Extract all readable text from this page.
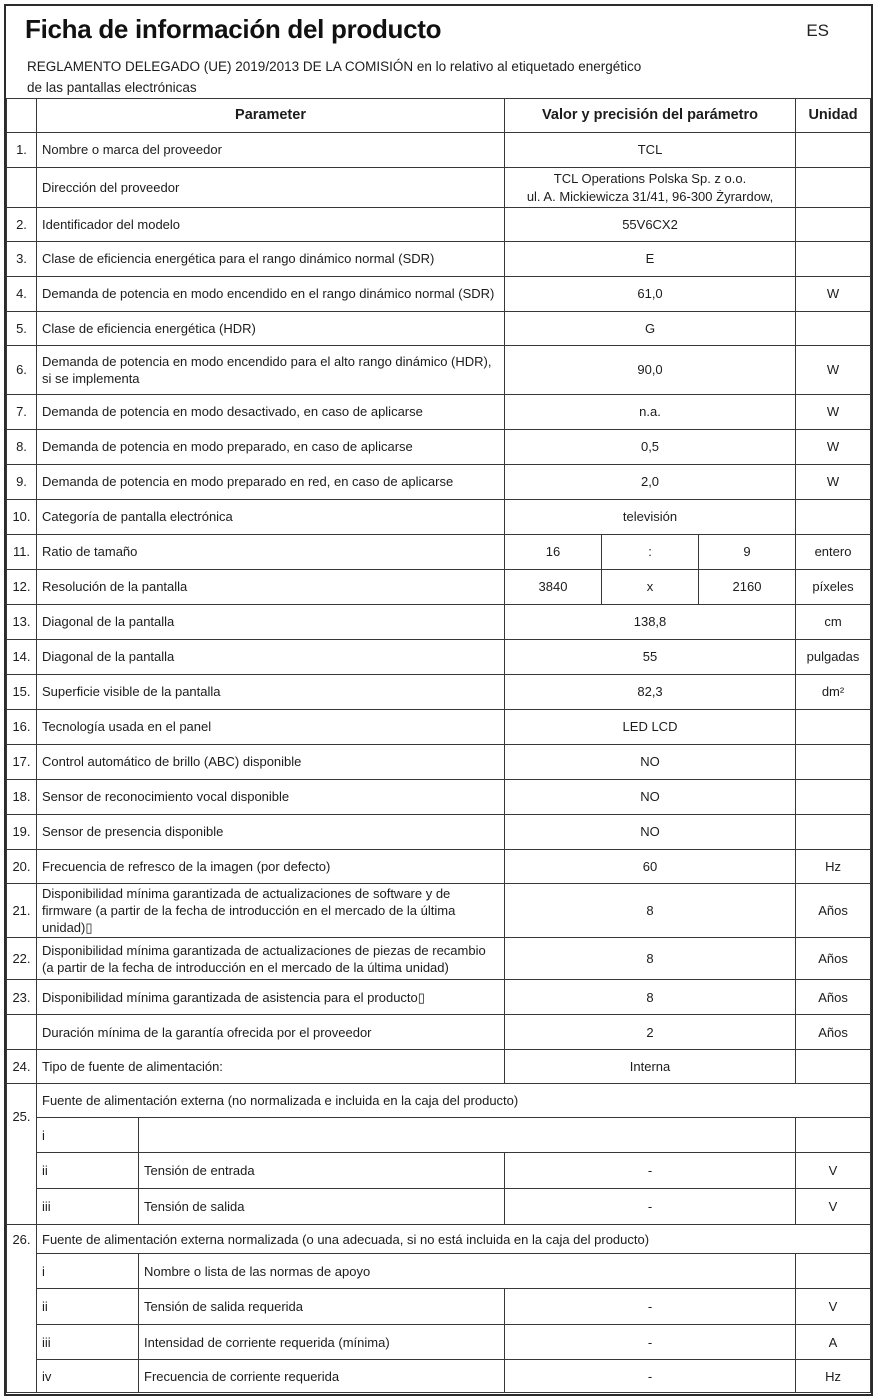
Ficha de información del producto	ES
REGLAMENTO DELEGADO (UE) 2019/2013 DE LA COMISIÓN en lo relativo al etiquetado energético
de las pantallas electrónicas
	Parameter		Valor y precisión del parámetro			Unidad
1.	Nombre o marca del proveedor		TCL			
	Dirección del proveedor		TCL Operations Polska Sp. z o.o.
ul. A. Mickiewicza 31/41, 96-300 Żyrardow,			

2.	Identificador del modelo		55V6CX2			
3.	Clase de eficiencia energética para el rango dinámico normal (SDR)		E			
4.	Demanda de potencia en modo encendido en el rango dinámico normal (SDR)		61,0			W
5.	Clase de eficiencia energética (HDR)		G			
6.	Demanda de potencia en modo encendido para el alto rango dinámico (HDR), si se implementa		90,0			W
7.	Demanda de potencia en modo desactivado, en caso de aplicarse		n.a.			W
8.	Demanda de potencia en modo preparado, en caso de aplicarse		0,5			W
9.	Demanda de potencia en modo preparado en red, en caso de aplicarse		2,0			W
10.	Categoría de pantalla electrónica		televisión			
11.	Ratio de tamaño		16	:	9	entero
12.	Resolución de la pantalla		3840	x	2160	píxeles
13.	Diagonal de la pantalla		138,8			cm
14.	Diagonal de la pantalla		55			pulgadas
15.	Superficie visible de la pantalla		82,3			dm²
16.	Tecnología usada en el panel		LED LCD			
17.	Control automático de brillo (ABC) disponible		NO			
18.	Sensor de reconocimiento vocal disponible		NO			
19.	Sensor de presencia disponible		NO			
20.	Frecuencia de refresco de la imagen (por defecto)		60			Hz
21.	Disponibilidad mínima garantizada de actualizaciones de software y de firmware (a partir de la fecha de introducción en el mercado de la última unidad)▯		8			Años
22.	Disponibilidad mínima garantizada de actualizaciones de piezas de recambio (a partir de la fecha de introducción en el mercado de la última unidad)		8			Años
23.	Disponibilidad mínima garantizada de asistencia para el producto▯		8			Años
	Duración mínima de la garantía ofrecida por el proveedor		2			Años
24.	Tipo de fuente de alimentación:		Interna			
25.	Fuente de alimentación externa (no normalizada e incluida en la caja del producto)					
	i					
	ii	Tensión de entrada	-			V
	iii	Tensión de salida	-			V
26.	Fuente de alimentación externa normalizada (o una adecuada, si no está incluida en la caja del producto)					
	i	Nombre o lista de las normas de apoyo				
	ii	Tensión de salida requerida	-			V
	iii	Intensidad de corriente requerida (mínima)	-			A
	iv	Frecuencia de corriente requerida	-			Hz
